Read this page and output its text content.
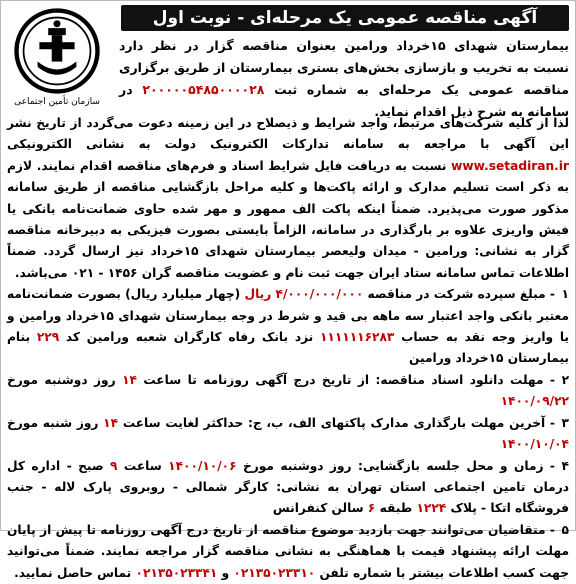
آگهی مناقصه عمومی یک مرحله‌ای - نوبت اول
سازمان تأمین اجتماعی
بیمارستان شهدای ۱۵خرداد ورامین بعنوان مناقصه گزار در نظر دارد نسبت به تخریب و بازسازی بخش‌های بستری بیمارستان از طریق برگزاری مناقصه عمومی یک مرحله‌ای به شماره ثبت ۲۰۰۰۰۰۵۴۸۵۰۰۰۰۲۸ در سامانه به شرح ذیل اقدام نماید.

لذا از کلیه شرکت‌های مرتبط، واجد شرایط و ذیصلاح در این زمینه دعوت می‌گردد از تاریخ نشر این آگهی با مراجعه به سامانه تدارکات الکترونیک دولت به نشانی الکترونیکی www.setadiran.ir نسبت به دریافت فایل شرایط اسناد و فرم‌های مناقصه اقدام نمایند. لازم به ذکر است تسلیم مدارک و ارائه پاکت‌ها و کلیه مراحل بازگشایی مناقصه از طریق سامانه مذکور صورت می‌پذیرد. ضمناً اینکه پاکت الف ممهور و مهر شده حاوی ضمانت‌نامه بانکی یا فیش واریزی علاوه بر بارگذاری در سامانه، الزاماً بایستی بصورت فیزیکی به دبیرخانه مناقصه گزار به نشانی: ورامین - میدان ولیعصر بیمارستان شهدای ۱۵خرداد نیز ارسال گردد. ضمناً اطلاعات تماس سامانه ستاد ایران جهت ثبت نام و عضویت مناقصه گران ۱۴۵۶ - ۰۲۱ می‌باشد.

۱- مبلغ سپرده شرکت در مناقصه ۴/۰۰۰/۰۰۰/۰۰۰ ریال (چهار میلیارد ریال) بصورت ضمانت‌نامه معتبر بانکی واجد اعتبار سه ماهه بی قید و شرط در وجه بیمارستان شهدای ۱۵خرداد ورامین و یا واریز وجه نقد به حساب ۱۱۱۱۱۱۶۲۸۳ نزد بانک رفاه کارگران شعبه ورامین کد ۲۲۹ بنام بیمارستان ۱۵خرداد ورامین

۲- مهلت دانلود اسناد مناقصه: از تاریخ درج آگهی روزنامه تا ساعت ۱۴ روز دوشنبه مورخ ۱۴۰۰/۰۹/۲۲

۳- آخرین مهلت بارگذاری مدارک پاکتهای الف، ب، ج: حداکثر لغایت ساعت ۱۴ روز شنبه مورخ ۱۴۰۰/۱۰/۰۴

۴- زمان و محل جلسه بازگشایی: روز دوشنبه مورخ ۱۴۰۰/۱۰/۰۶ ساعت ۹ صبح - اداره کل درمان تامین اجتماعی استان تهران به نشانی: کارگر شمالی - روبروی پارک لاله - جنب فروشگاه اتکا - پلاک ۱۲۲۴ طبقه ۶ سالن کنفرانس

۵- متقاضیان می‌توانند جهت بازدید موضوع مناقصه از تاریخ درج آگهی روزنامه تا پیش از پایان مهلت ارائه پیشنهاد قیمت با هماهنگی به نشانی مناقصه گزار مراجعه نمایند. ضمناً می‌توانید جهت کسب اطلاعات بیشتر با شماره تلفن ۰۲۱۳۵۰۲۳۳۱۰ و ۰۲۱۳۵۰۲۳۳۴۱ تماس حاصل نمایید.
